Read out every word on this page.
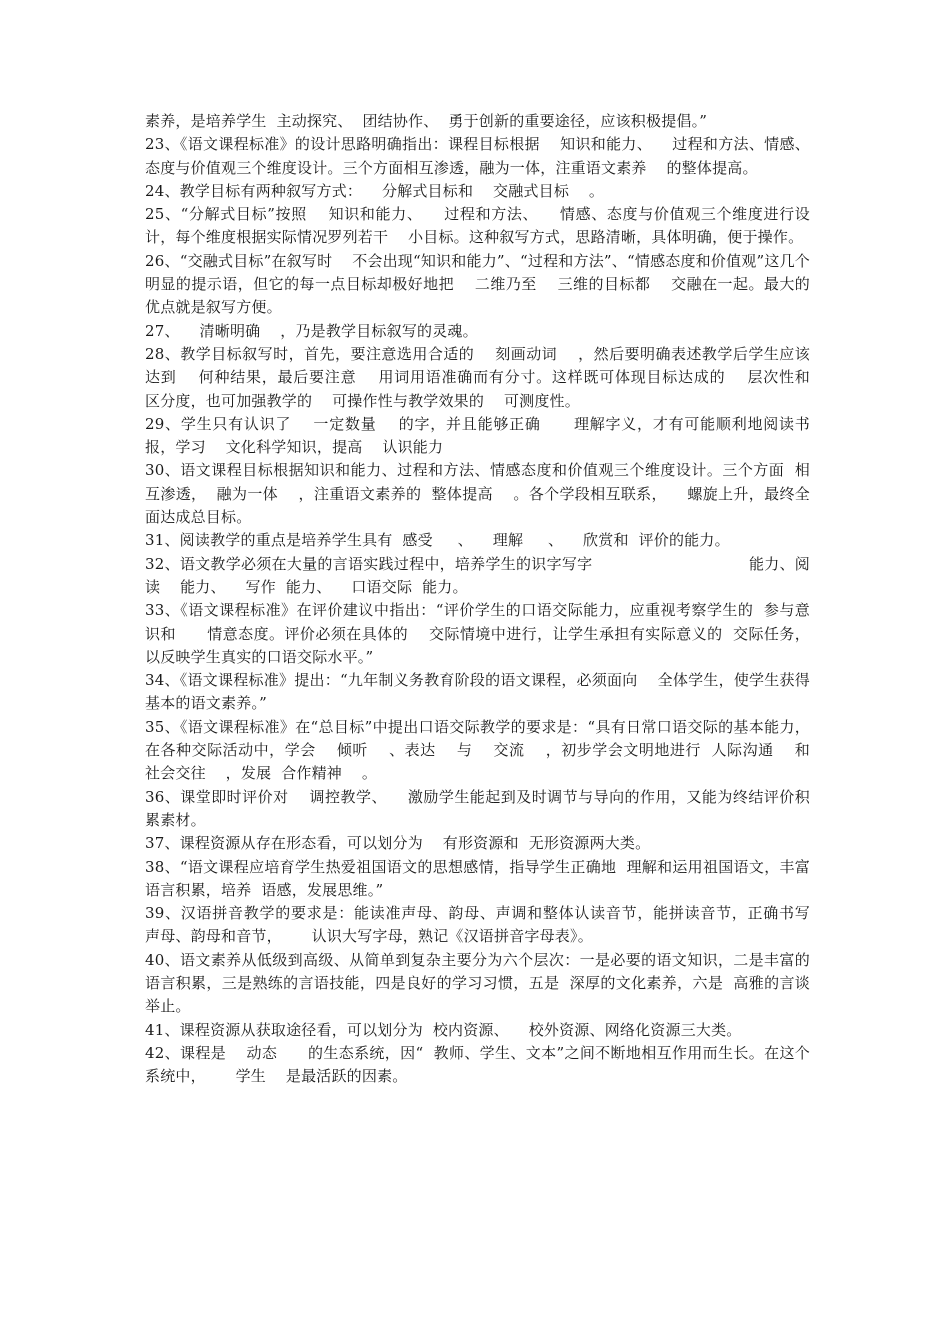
素养，是培养学生  主动探究、  团结协作、  勇于创新的重要途径，应该积极提倡。”

23、《语文课程标准》的设计思路明确指出：课程目标根据    知识和能力、    过程和方法、情感、态度与价值观三个维度设计。三个方面相互渗透，融为一体，注重语文素养    的整体提高。

24、教学目标有两种叙写方式：    分解式目标和    交融式目标    。

25、“分解式目标”按照    知识和能力、    过程和方法、    情感、态度与价值观三个维度进行设计，每个维度根据实际情况罗列若干    小目标。这种叙写方式，思路清晰，具体明确，便于操作。

26、“交融式目标”在叙写时    不会出现“知识和能力”、“过程和方法”、“情感态度和价值观”这几个明显的提示语，但它的每一点目标却极好地把    二维乃至    三维的目标都    交融在一起。最大的优点就是叙写方便。

27、    清晰明确    ，乃是教学目标叙写的灵魂。

28、教学目标叙写时，首先，要注意选用合适的    刻画动词    ，然后要明确表述教学后学生应该达到    何种结果，最后要注意    用词用语准确而有分寸。这样既可体现目标达成的    层次性和    区分度，也可加强教学的    可操作性与教学效果的    可测度性。

29、学生只有认识了    一定数量    的字，并且能够正确      理解字义，才有可能顺利地阅读书报，学习    文化科学知识，提高    认识能力

30、语文课程目标根据知识和能力、过程和方法、情感态度和价值观三个维度设计。三个方面  相互渗透，  融为一体    ，注重语文素养的  整体提高    。各个学段相互联系，    螺旋上升，最终全面达成总目标。

31、阅读教学的重点是培养学生具有  感受     、    理解     、    欣赏和  评价的能力。

32、语文教学必须在大量的言语实践过程中，培养学生的识字写字                               能力、阅读    能力、    写作  能力、    口语交际  能力。

33、《语文课程标准》在评价建议中指出：“评价学生的口语交际能力，应重视考察学生的  参与意识和      情意态度。评价必须在具体的    交际情境中进行，让学生承担有实际意义的  交际任务，以反映学生真实的口语交际水平。”

34、《语文课程标准》提出：“九年制义务教育阶段的语文课程，必须面向    全体学生，使学生获得    基本的语文素养。”

35、《语文课程标准》在“总目标”中提出口语交际教学的要求是：“具有日常口语交际的基本能力，在各种交际活动中，学会    倾听    、表达    与    交流    ，初步学会文明地进行  人际沟通    和  社会交往    ，发展  合作精神    。

36、课堂即时评价对    调控教学、    激励学生能起到及时调节与导向的作用，又能为终结评价积累素材。

37、课程资源从存在形态看，可以划分为    有形资源和  无形资源两大类。

38、“语文课程应培育学生热爱祖国语文的思想感情，指导学生正确地  理解和运用祖国语文，丰富  语言积累，培养  语感，发展思维。”

39、汉语拼音教学的要求是：能读准声母、韵母、声调和整体认读音节，能拼读音节，正确书写  声母、韵母和音节，      认识大写字母，熟记《汉语拼音字母表》。

40、语文素养从低级到高级、从简单到复杂主要分为六个层次：一是必要的语文知识，二是丰富的语言积累，三是熟练的言语技能，四是良好的学习习惯，五是  深厚的文化素养，六是  高雅的言谈举止。

41、课程资源从获取途径看，可以划分为  校内资源、    校外资源、网络化资源三大类。

42、课程是    动态      的生态系统，因“  教师、学生、文本”之间不断地相互作用而生长。在这个系统中，      学生    是最活跃的因素。
